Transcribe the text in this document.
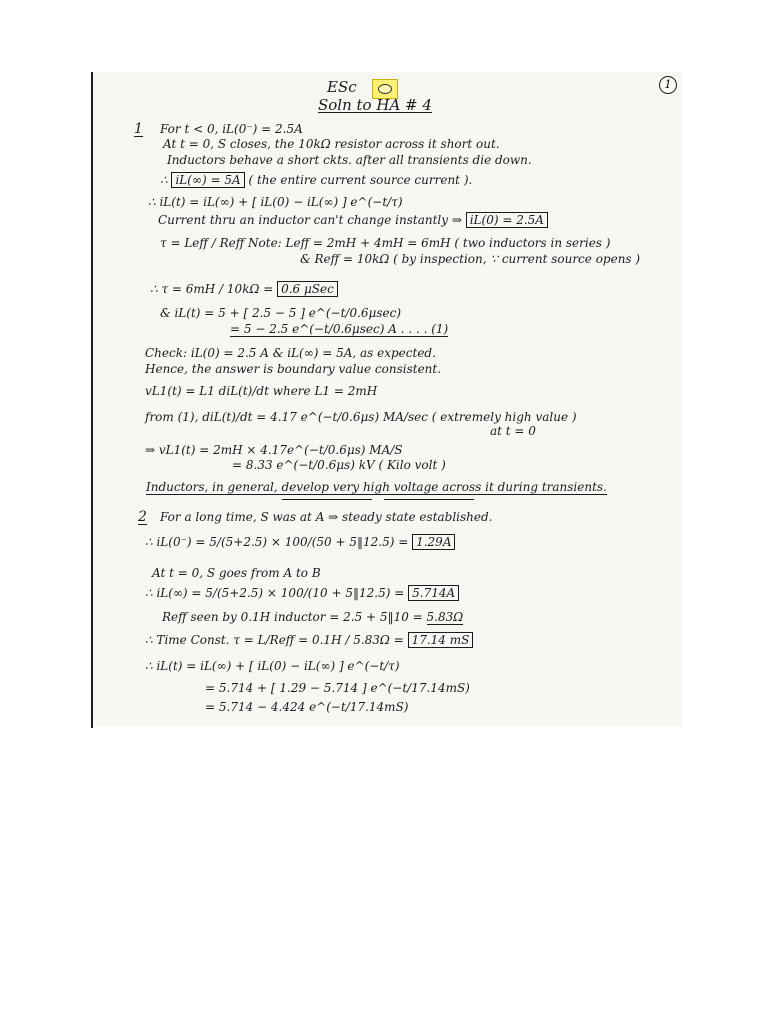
ESc	1
Soln to HA # 4
1 For t < 0, iL(0⁻) = 2.5A
At t = 0, S closes, the 10kΩ resistor across it short out.
Inductors behave a short ckts. after all transients die down.
∴ iL(∞) = 5A ( the entire current source current ).
∴ iL(t) = iL(∞) + [ iL(0) − iL(∞) ] e^(−t/τ)
Current thru an inductor can't change instantly ⇒ iL(0) = 2.5A
τ = Leff / Reff Note: Leff = 2mH + 4mH = 6mH ( two inductors in series )
& Reff = 10kΩ ( by inspection, ∵ current source opens )
∴ τ = 6mH / 10kΩ = 0.6 μSec
& iL(t) = 5 + [ 2.5 − 5 ] e^(−t/0.6μsec)
= 5 − 2.5 e^(−t/0.6μsec) A . . . . (1)
Check: iL(0) = 2.5 A & iL(∞) = 5A, as expected.
Hence, the answer is boundary value consistent.
vL1(t) = L1 diL(t)/dt where L1 = 2mH
from (1), diL(t)/dt = 4.17 e^(−t/0.6μs) MA/sec ( extremely high value )
at t = 0
⇒ vL1(t) = 2mH × 4.17e^(−t/0.6μs) MA/S
= 8.33 e^(−t/0.6μs) kV ( Kilo volt )
Inductors, in general, develop very high voltage across it during transients.
2 For a long time, S was at A ⇒ steady state established.
∴ iL(0⁻) = 5/(5+2.5) × 100/(50 + 5‖12.5) = 1.29A
At t = 0, S goes from A to B
∴ iL(∞) = 5/(5+2.5) × 100/(10 + 5‖12.5) = 5.714A
Reff seen by 0.1H inductor = 2.5 + 5‖10 = 5.83Ω
∴ Time Const. τ = L/Reff = 0.1H / 5.83Ω = 17.14 mS
∴ iL(t) = iL(∞) + [ iL(0) − iL(∞) ] e^(−t/τ)
= 5.714 + [ 1.29 − 5.714 ] e^(−t/17.14mS)
= 5.714 − 4.424 e^(−t/17.14mS)
